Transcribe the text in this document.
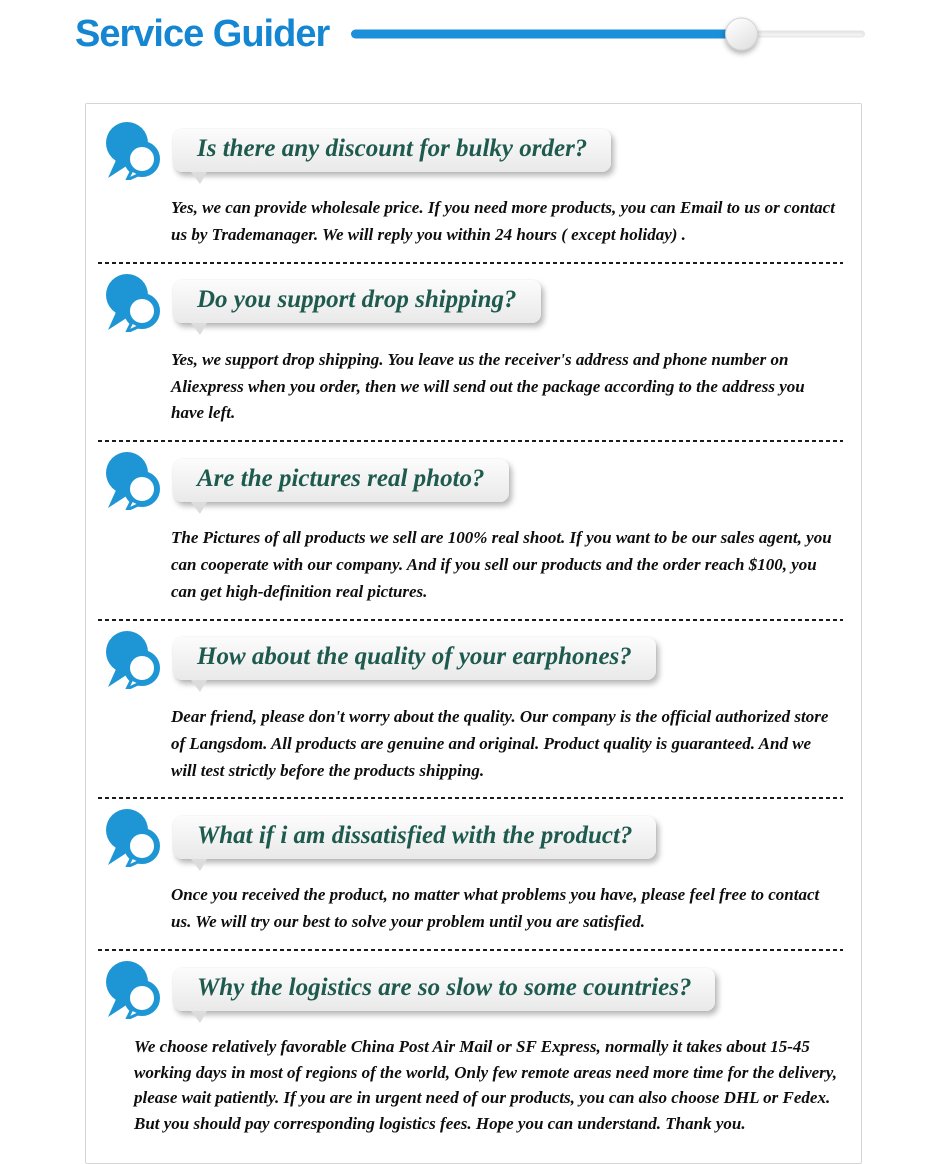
Service Guider
Is there any discount for bulky order?
Yes, we can provide wholesale price. If you need more products, you can Email to us or contact us by Trademanager. We will reply you within 24 hours ( except holiday) .
Do you support drop shipping?
Yes, we support drop shipping. You leave us the receiver's address and phone number on Aliexpress when you order, then we will send out the package according to the address you have left.
Are the pictures real photo?
The Pictures of all products we sell are 100% real shoot. If you want to be our sales agent, you can cooperate with our company. And if you sell our products and the order reach $100, you can get high-definition real pictures.
How about the quality of your earphones?
Dear friend, please don't worry about the quality. Our company is the official authorized store of Langsdom. All products are genuine and original. Product quality is guaranteed. And we will test strictly before the products shipping.
What if i am dissatisfied with the product?
Once you received the product, no matter what problems you have, please feel free to contact us. We will try our best to solve your problem until you are satisfied.
Why the logistics are so slow to some countries?
We choose relatively favorable China Post Air Mail or SF Express, normally it takes about 15-45 working days in most of regions of the world, Only few remote areas need more time for the delivery, please wait patiently. If you are in urgent need of our products, you can also choose DHL or Fedex. But you should pay corresponding logistics fees. Hope you can understand. Thank you.
